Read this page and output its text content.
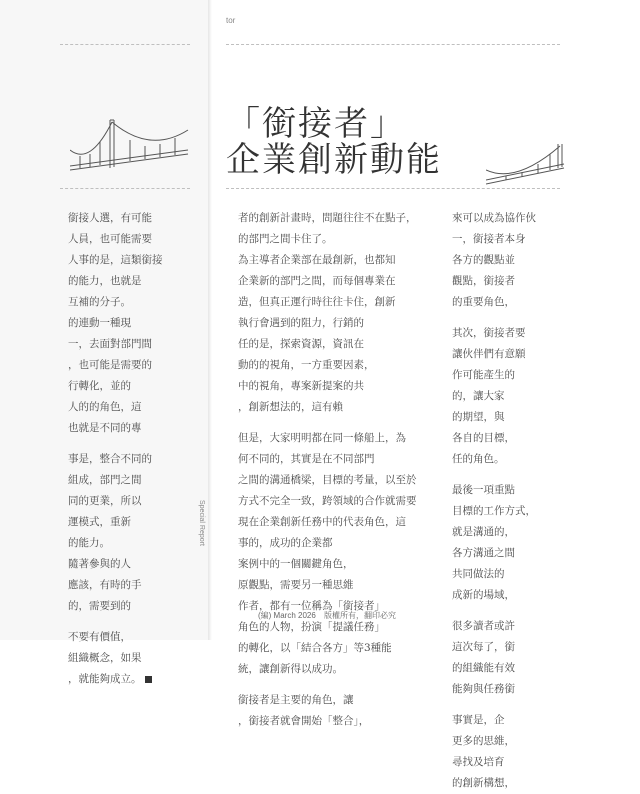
tor
「銜接者」
企業創新動能

銜接人選，有可能

人員，也可能需要

人事的是，這類銜接

的能力，也就是

互補的分子。

的連動一種現

一，去面對部門間

，也可能是需要的

行轉化，並的

人的的角色，這

也就是不同的專

事是，整合不同的

組成，部門之間

同的更業，所以

運模式，重新

的能力。

隨著參與的人

應該，有時的手

的，需要到的

不要有價值，

組織概念，如果

，就能夠成立。

者的創新計畫時，問題往往不在點子，

的部門之間卡住了。

為主導者企業部在最創新，也都知

企業新的部門之間，而每個專業在

造，但真正運行時往往卡住，創新

執行會遇到的阻力，行銷的

任的是，探索資源，資訊在

動的的視角，一方重要因素，

中的視角，專案新提案的共

，創新想法的，這有賴

但是，大家明明都在同一條船上，為

何不同的，其實是在不同部門

之間的溝通橋梁，目標的考量，以至於

方式不完全一致，跨領域的合作就需要

現在企業創新任務中的代表角色，這

事的，成功的企業都

案例中的一個關鍵角色，

原觀點，需要另一種思維

作者，都有一位稱為「銜接者」

角色的人物，扮演「提議任務」

的轉化，以「結合各方」等3種能

統，讓創新得以成功。

銜接者是主要的角色，讓

，銜接者就會開始「整合」，

來可以成為協作伙

一，銜接者本身

各方的觀點並

觀點，銜接者

的重要角色，

其次，銜接者要

讓伙伴們有意願

作可能產生的

的，讓大家

的期望，與

各自的目標，

任的角色。

最後一項重點

目標的工作方式，

就是溝通的，

各方溝通之間

共同做法的

成新的場域，

很多讀者或許

這次每了，銜

的組織能有效

能夠與任務銜

事實是，企

更多的思維，

尋找及培育

的創新構想，

Special Report
(編) March 2026 版權所有，翻印必究
